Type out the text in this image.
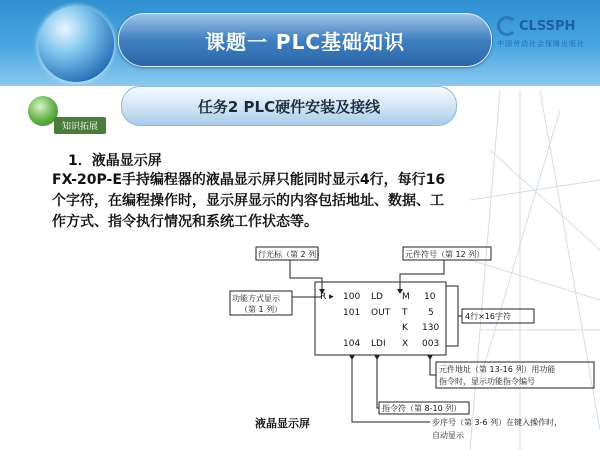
课题一 PLC基础知识
CLSSPH
中国劳动社会保障出版社
知识拓展
任务2 PLC硬件安装及接线
1．液晶显示屏
FX-20P-E手持编程器的液晶显示屏只能同时显示4行，每行16
个字符，在编程操作时，显示屏显示的内容包括地址、数据、工
作方式、指令执行情况和系统工作状态等。
行光标（第 2 列）	元件符号（第 12 列）
功能方式显示
（第 1 列）
4行×16字符
元件地址（第 13-16 列）用功能
指令时，显示功能指令编号
指令符（第 8-10 列）
步序号（第 3-6 列）在键入操作时，
自动显示
R ▸ 100 LD M 10
101 OUT T 5
K 130
104 LDI X 003
液晶显示屏
